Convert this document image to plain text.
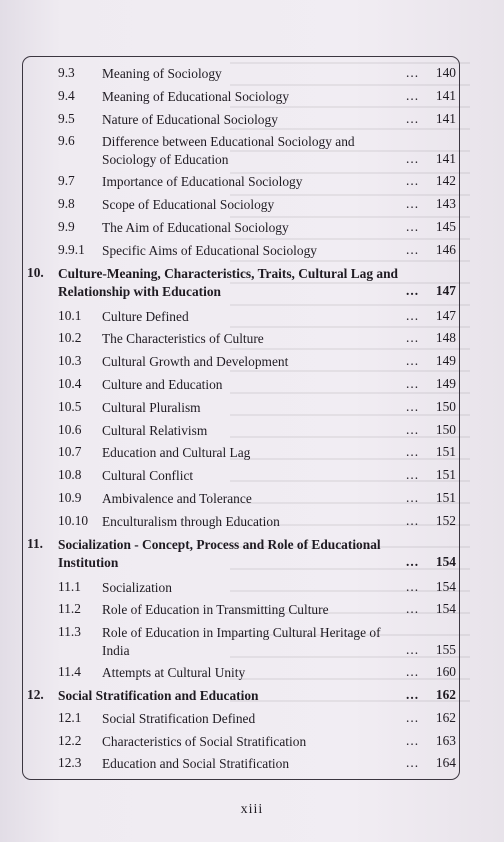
9.3 Meaning of Sociology	... 140
9.4 Meaning of Educational Sociology	... 141
9.5 Nature of Educational Sociology	... 141
9.6 Difference between Educational Sociology and Sociology of Education	... 141
9.7 Importance of Educational Sociology	... 142
9.8 Scope of Educational Sociology	... 143
9.9 The Aim of Educational Sociology	... 145
9.9.1 Specific Aims of Educational Sociology	... 146
10. Culture-Meaning, Characteristics, Traits, Cultural Lag and Relationship with Education	... 147
10.1 Culture Defined	... 147
10.2 The Characteristics of Culture	... 148
10.3 Cultural Growth and Development	... 149
10.4 Culture and Education	... 149
10.5 Cultural Pluralism	... 150
10.6 Cultural Relativism	... 150
10.7 Education and Cultural Lag	... 151
10.8 Cultural Conflict	... 151
10.9 Ambivalence and Tolerance	... 151
10.10 Enculturalism through Education	... 152
11. Socialization - Concept, Process and Role of Educational Institution	... 154
11.1 Socialization	... 154
11.2 Role of Education in Transmitting Culture	... 154
11.3 Role of Education in Imparting Cultural Heritage of India	... 155
11.4 Attempts at Cultural Unity	... 160
12. Social Stratification and Education	... 162
12.1 Social Stratification Defined	... 162
12.2 Characteristics of Social Stratification	... 163
12.3 Education and Social Stratification	... 164
xiii
